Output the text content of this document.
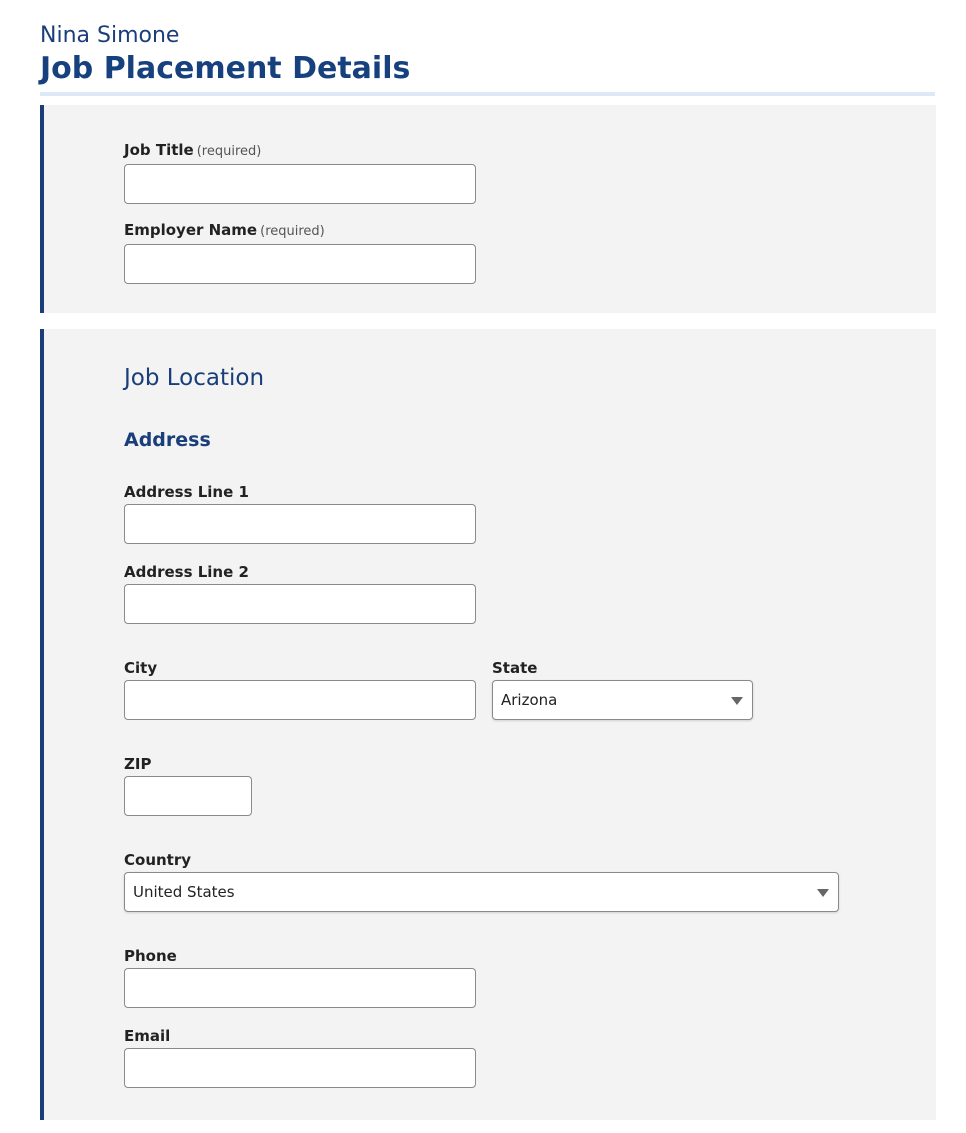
Nina Simone
Job Placement Details
Job Title (required)
Employer Name (required)
Job Location
Address
Address Line 1
Address Line 2
City	State
Arizona
ZIP
Country
United States
Phone
Email
